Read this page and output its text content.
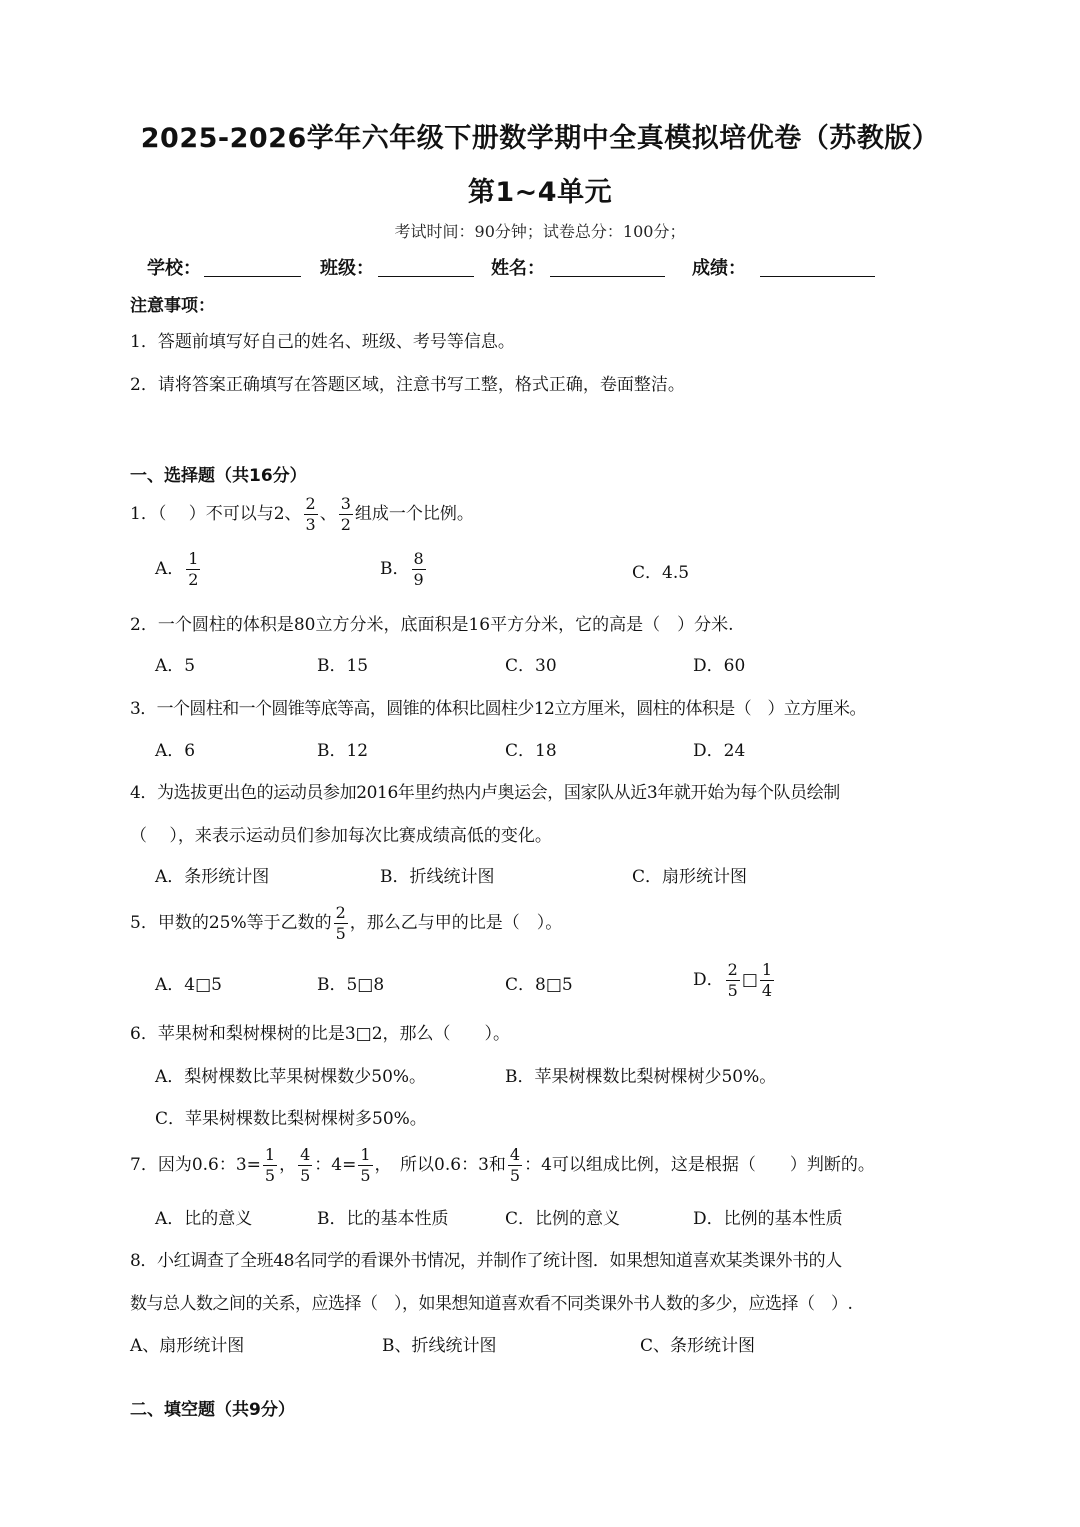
2025-2026学年六年级下册数学期中全真模拟培优卷（苏教版）
第1~4单元
考试时间：90分钟；试卷总分：100分；
学校：	班级：	姓名：	成绩：
注意事项：
1．答题前填写好自己的姓名、班级、考号等信息。
2．请将答案正确填写在答题区域，注意书写工整，格式正确，卷面整洁。
一、选择题（共16分）
1．（　 ）不可以与2、 $\frac{2}{3}$ 、 $\frac{3}{2}$ 组成一个比例。
A． $\frac{1}{2}$	B． $\frac{8}{9}$	C．4.5
2．一个圆柱的体积是80立方分米，底面积是16平方分米，它的高是（　）分米.
A．5	B．15	C．30	D．60
3．一个圆柱和一个圆锥等底等高，圆锥的体积比圆柱少12立方厘米，圆柱的体积是（　）立方厘米。
A．6	B．12	C．18	D．24
4．为选拔更出色的运动员参加2016年里约热内卢奥运会，国家队从近3年就开始为每个队员绘制
（　 ），来表示运动员们参加每次比赛成绩高低的变化。
A．条形统计图	B．折线统计图	C．扇形统计图
5．甲数的25%等于乙数的 $\frac{2}{5}$ ，那么乙与甲的比是（　）。
A．4□5	B．5□8	C．8□5	D． $\frac{2}{5}$ □ $\frac{1}{4}$
6．苹果树和梨树棵树的比是3□2，那么（　　）。
A．梨树棵数比苹果树棵数少50%。	B．苹果树棵数比梨树棵树少50%。
C．苹果树棵数比梨树棵树多50%。
7．因为0.6：$3= \frac{1}{5}$ ， $\frac{4}{5}$ ：$4= \frac{1}{5}$ ，　所以0.6：3和 $\frac{4}{5}$ ：4可以组成比例，这是根据（　　）判断的。
A．比的意义	B．比的基本性质	C．比例的意义	D．比例的基本性质
8．小红调查了全班48名同学的看课外书情况，并制作了统计图．如果想知道喜欢某类课外书的人
数与总人数之间的关系，应选择（　），如果想知道喜欢看不同类课外书人数的多少，应选择（　）.
A、扇形统计图	B、折线统计图	C、条形统计图
二、填空题（共9分）
